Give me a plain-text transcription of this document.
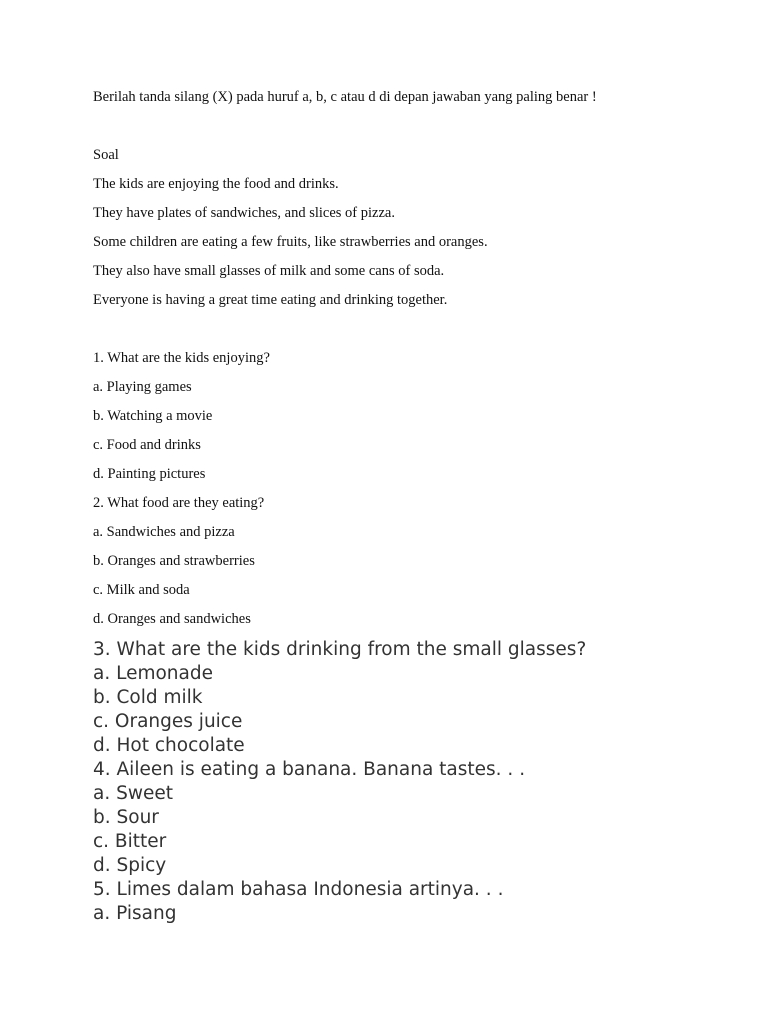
Berilah tanda silang (X) pada huruf a, b, c atau d di depan jawaban yang paling benar !
Soal
The kids are enjoying the food and drinks.
They have plates of sandwiches, and slices of pizza.
Some children are eating a few fruits, like strawberries and oranges.
They also have small glasses of milk and some cans of soda.
Everyone is having a great time eating and drinking together.
1. What are the kids enjoying?
a. Playing games
b. Watching a movie
c. Food and drinks
d. Painting pictures
2. What food are they eating?
a. Sandwiches and pizza
b. Oranges and strawberries
c. Milk and soda
d. Oranges and sandwiches
3. What are the kids drinking from the small glasses?
a. Lemonade
b. Cold milk
c. Oranges juice
d. Hot chocolate
4. Aileen is eating a banana. Banana tastes. . .
a. Sweet
b. Sour
c. Bitter
d. Spicy
5. Limes dalam bahasa Indonesia artinya. . .
a. Pisang
